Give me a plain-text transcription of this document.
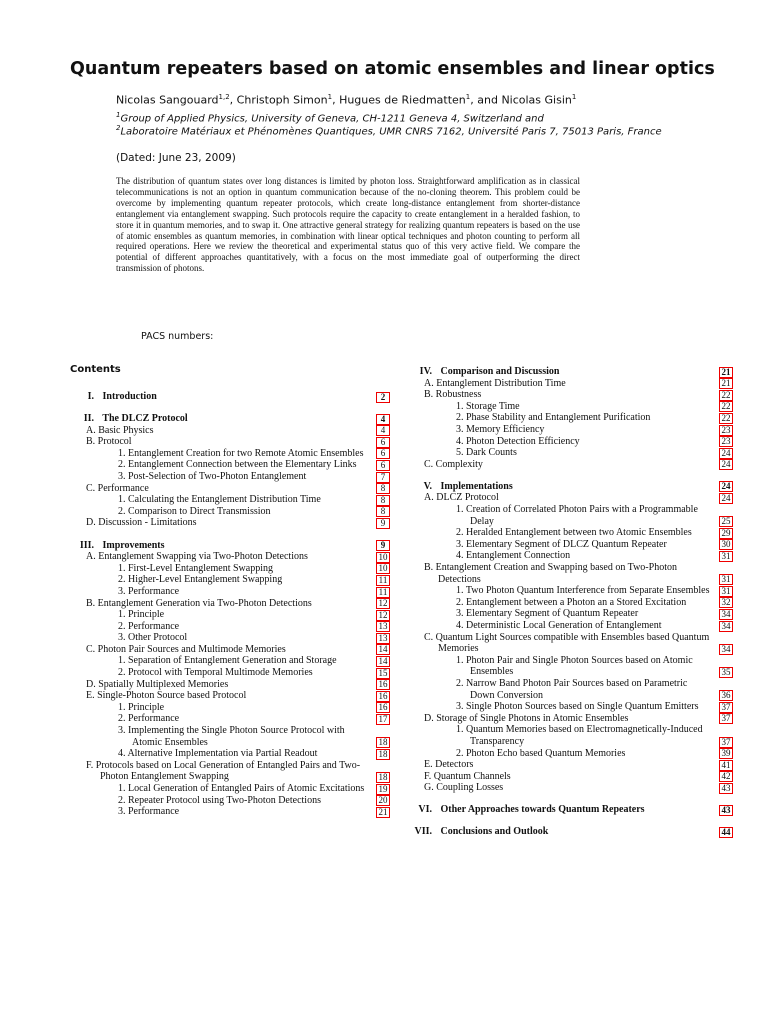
Quantum repeaters based on atomic ensembles and linear optics
Nicolas Sangouard$^{1,2}$, Christoph Simon$^1$, Hugues de Riedmatten$^1$, and Nicolas Gisin$^1$
$^1$Group of Applied Physics, University of Geneva, CH-1211 Geneva 4, Switzerland and
$^2$Laboratoire Matériaux et Phénomènes Quantiques, UMR CNRS 7162, Université Paris 7, 75013 Paris, France
(Dated: June 23, 2009)
The distribution of quantum states over long distances is limited by photon loss. Straightforward amplification as in classical telecommunications is not an option in quantum communication because of the no-cloning theorem. This problem could be overcome by implementing quantum repeater protocols, which create long-distance entanglement from shorter-distance entanglement via entanglement swapping. Such protocols require the capacity to create entanglement in a heralded fashion, to store it in quantum memories, and to swap it. One attractive general strategy for realizing quantum repeaters is based on the use of atomic ensembles as quantum memories, in combination with linear optical techniques and photon counting to perform all required operations. Here we review the theoretical and experimental status quo of this very active field. We compare the potential of different approaches quantitatively, with a focus on the most immediate goal of outperforming the direct transmission of photons.
PACS numbers:
Contents
I. Introduction	2
II. The DLCZ Protocol	4
A. Basic Physics	4
B. Protocol	6
1. Entanglement Creation for two Remote Atomic Ensembles	6
2. Entanglement Connection between the Elementary Links	6
3. Post-Selection of Two-Photon Entanglement	7
C. Performance	8
1. Calculating the Entanglement Distribution Time	8
2. Comparison to Direct Transmission	8
D. Discussion - Limitations	9
III. Improvements	9
A. Entanglement Swapping via Two-Photon Detections	10
1. First-Level Entanglement Swapping	10
2. Higher-Level Entanglement Swapping	11
3. Performance	11
B. Entanglement Generation via Two-Photon Detections	12
1. Principle	12
2. Performance	13
3. Other Protocol	13
C. Photon Pair Sources and Multimode Memories	14
1. Separation of Entanglement Generation and Storage	14
2. Protocol with Temporal Multimode Memories	15
D. Spatially Multiplexed Memories	16
E. Single-Photon Source based Protocol	16
1. Principle	16
2. Performance	17
3. Implementing the Single Photon Source Protocol with Atomic Ensembles	18
4. Alternative Implementation via Partial Readout	18
F. Protocols based on Local Generation of Entangled Pairs and Two-Photon Entanglement Swapping	18
1. Local Generation of Entangled Pairs of Atomic Excitations 19
2. Repeater Protocol using Two-Photon Detections	20
3. Performance	21
IV. Comparison and Discussion	21
A. Entanglement Distribution Time	21
B. Robustness	22
1. Storage Time	22
2. Phase Stability and Entanglement Purification	22
3. Memory Efficiency	23
4. Photon Detection Efficiency	23
5. Dark Counts	24
C. Complexity	24
V. Implementations	24
A. DLCZ Protocol	24
1. Creation of Correlated Photon Pairs with a Programmable Delay	25
2. Heralded Entanglement between two Atomic Ensembles	29
3. Elementary Segment of DLCZ Quantum Repeater	30
4. Entanglement Connection	31
B. Entanglement Creation and Swapping based on Two-Photon Detections	31
1. Two Photon Quantum Interference from Separate Ensembles 31
2. Entanglement between a Photon an a Stored Excitation	32
3. Elementary Segment of Quantum Repeater	34
4. Deterministic Local Generation of Entanglement	34
C. Quantum Light Sources compatible with Ensembles based Quantum Memories	34
1. Photon Pair and Single Photon Sources based on Atomic Ensembles	35
2. Narrow Band Photon Pair Sources based on Parametric Down Conversion	36
3. Single Photon Sources based on Single Quantum Emitters	37
D. Storage of Single Photons in Atomic Ensembles	37
1. Quantum Memories based on Electromagnetically-Induced Transparency	37
2. Photon Echo based Quantum Memories	39
E. Detectors	41
F. Quantum Channels	42
G. Coupling Losses	43
VI. Other Approaches towards Quantum Repeaters	43
VII. Conclusions and Outlook	44
